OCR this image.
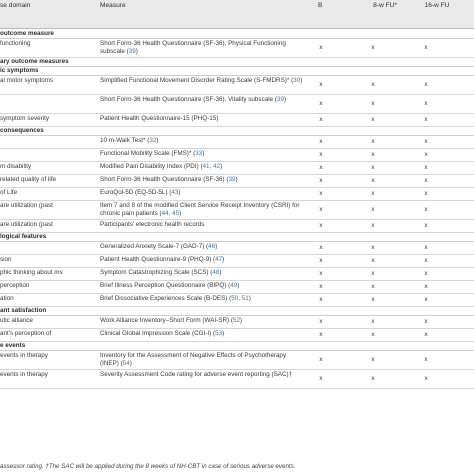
se domain	Measure	B	8-w FU*	16-w FU
outcome measure
functioning	Short Form-36 Health Questionnaire (SF-36), Physical Functioning subscale (39)
x	x	x
ary outcome measures
ic symptoms
al motor symptoms	Simplified Functional Movement Disorder Rating Scale (S-FMDRS)* (30)
x	x	x
Short Form-36 Health Questionnaire (SF-36), Vitality subscale (39)
x	x	x
symptom severity	Patient Health Questionnaire-15 (PHQ-15)	x	x	x
consequences
10 m-Walk Test* (32)	x	x	x
Functional Mobility Scale (FMS)* (33)	x	x	x
m disability	Modified Pain Disability Index (PDI) (41, 42)	x	x	x
related quality of life	Short Form-36 Health Questionnaire (SF-36) (39)	x	x	x
of Life	EuroQol-5D (EQ-5D-5L) (43)	x	x	x
are utilization (past	Item 7 and 8 of the modified Client Service Receipt Inventory (CSRI) for chronic pain patients (44, 45)
x	x	x
are utilization (past	Participants' electronic health records	x	x	x
logical features
Generalized Anxiety Scale-7 (GAD-7) (46)	x	x	x
sion	Patient Health Questionnaire-9 (PHQ-9) (47)	x	x	x
phic thinking about ms	Symptom Catastrophizing Scale (SCS) (48)	x	x	x
perception	Brief Illness Perception Questionnaire (BIPQ) (49)	x	x	x
ation	Brief Dissociative Experiences Scale (B-DES) (50, 51)	x	x	x
ant satisfaction
utic alliance	Work Alliance Inventory–Short Form (WAI-SR) (52)	x	x	x
ant's perception of	Clinical Global Impression Scale (CGI-I) (53)	x	x	x
e events
events in therapy	Inventory for the Assessment of Negative Effects of Psychotherapy (INEP) (54)
x	x	x
events in therapy	Severity Assessment Code rating for adverse event reporting (SAC)†
x	x	x
assessor rating. †The SAC will be applied during the 8 weeks of NH-CBT in case of serious adverse events.
